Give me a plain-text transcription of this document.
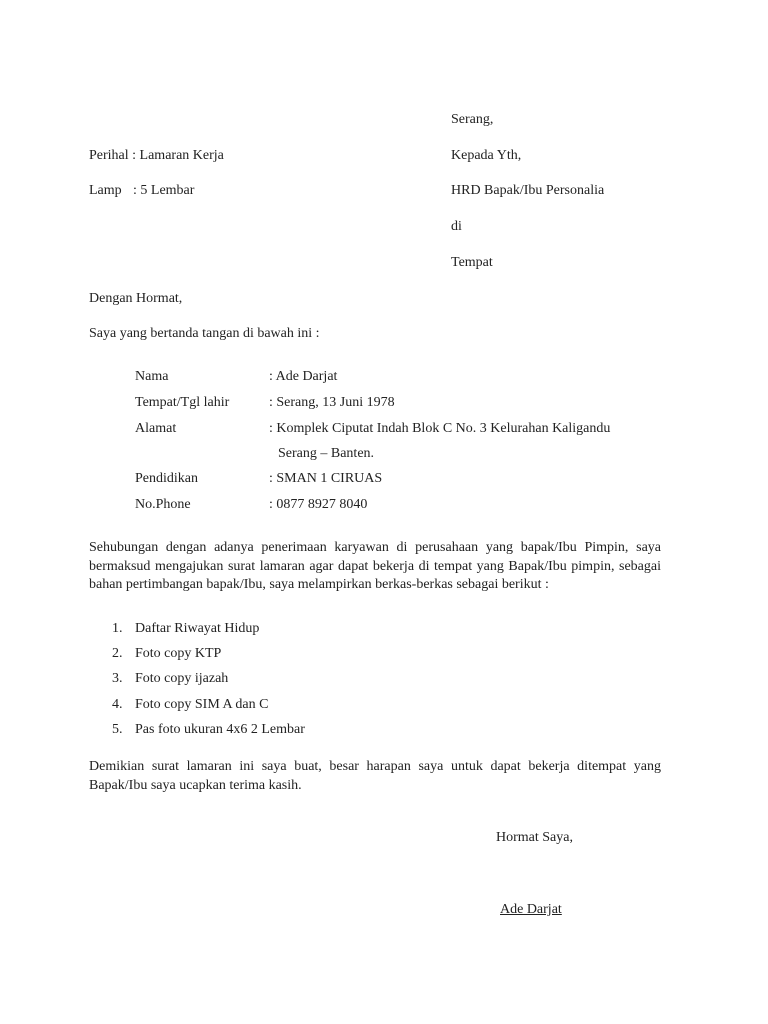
Serang,
Kepada Yth,
HRD Bapak/Ibu Personalia
di
Tempat
Perihal : Lamaran Kerja
Lamp : 5 Lembar
Dengan Hormat,
Saya yang bertanda tangan di bawah ini :
Nama	: Ade Darjat
Tempat/Tgl lahir	: Serang, 13 Juni 1978
Alamat	: Komplek Ciputat Indah Blok C No. 3 Kelurahan Kaligandu
Serang – Banten.
Pendidikan	: SMAN 1 CIRUAS
No.Phone	: 0877 8927 8040
Sehubungan dengan adanya penerimaan karyawan di perusahaan yang bapak/Ibu Pimpin, saya bermaksud mengajukan surat lamaran agar dapat bekerja di tempat yang Bapak/Ibu pimpin, sebagai bahan pertimbangan bapak/Ibu, saya melampirkan berkas-berkas sebagai berikut :
1. Daftar Riwayat Hidup
2. Foto copy KTP
3. Foto copy ijazah
4. Foto copy SIM A dan C
5. Pas foto ukuran 4x6 2 Lembar
Demikian surat lamaran ini saya buat, besar harapan saya untuk dapat bekerja ditempat yang Bapak/Ibu saya ucapkan terima kasih.
Hormat Saya,
Ade Darjat
